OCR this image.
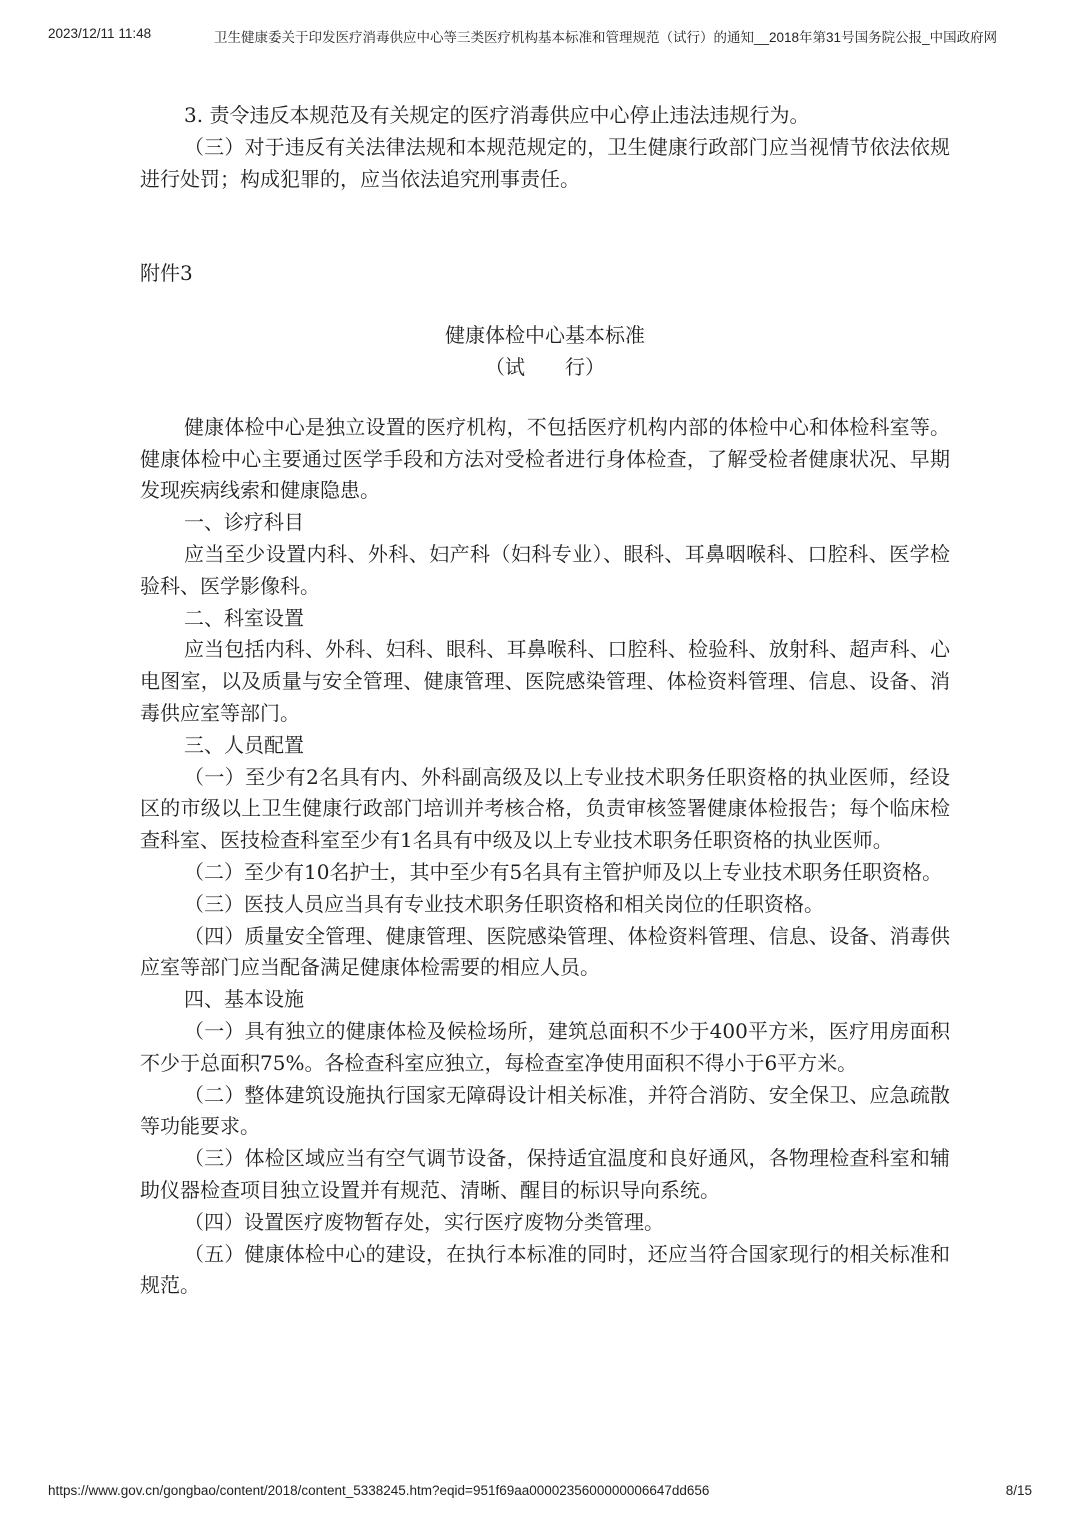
2023/12/11 11:48	卫生健康委关于印发医疗消毒供应中心等三类医疗机构基本标准和管理规范（试行）的通知__2018年第31号国务院公报_中国政府网

3. 责令违反本规范及有关规定的医疗消毒供应中心停止违法违规行为。

（三）对于违反有关法律法规和本规范规定的，卫生健康行政部门应当视情节依法依规进行处罚；构成犯罪的，应当依法追究刑事责任。

附件3

健康体检中心基本标准

（试　　行）

健康体检中心是独立设置的医疗机构，不包括医疗机构内部的体检中心和体检科室等。健康体检中心主要通过医学手段和方法对受检者进行身体检查，了解受检者健康状况、早期发现疾病线索和健康隐患。

一、诊疗科目

应当至少设置内科、外科、妇产科（妇科专业）、眼科、耳鼻咽喉科、口腔科、医学检验科、医学影像科。

二、科室设置

应当包括内科、外科、妇科、眼科、耳鼻喉科、口腔科、检验科、放射科、超声科、心电图室，以及质量与安全管理、健康管理、医院感染管理、体检资料管理、信息、设备、消毒供应室等部门。

三、人员配置

（一）至少有2名具有内、外科副高级及以上专业技术职务任职资格的执业医师，经设区的市级以上卫生健康行政部门培训并考核合格，负责审核签署健康体检报告；每个临床检查科室、医技检查科室至少有1名具有中级及以上专业技术职务任职资格的执业医师。

（二）至少有10名护士，其中至少有5名具有主管护师及以上专业技术职务任职资格。

（三）医技人员应当具有专业技术职务任职资格和相关岗位的任职资格。

（四）质量安全管理、健康管理、医院感染管理、体检资料管理、信息、设备、消毒供应室等部门应当配备满足健康体检需要的相应人员。

四、基本设施

（一）具有独立的健康体检及候检场所，建筑总面积不少于400平方米，医疗用房面积不少于总面积75%。各检查科室应独立，每检查室净使用面积不得小于6平方米。

（二）整体建筑设施执行国家无障碍设计相关标准，并符合消防、安全保卫、应急疏散等功能要求。

（三）体检区域应当有空气调节设备，保持适宜温度和良好通风，各物理检查科室和辅助仪器检查项目独立设置并有规范、清晰、醒目的标识导向系统。

（四）设置医疗废物暂存处，实行医疗废物分类管理。

（五）健康体检中心的建设，在执行本标准的同时，还应当符合国家现行的相关标准和规范。

https://www.gov.cn/gongbao/content/2018/content_5338245.htm?eqid=951f69aa0000235600000006647dd656	8/15
